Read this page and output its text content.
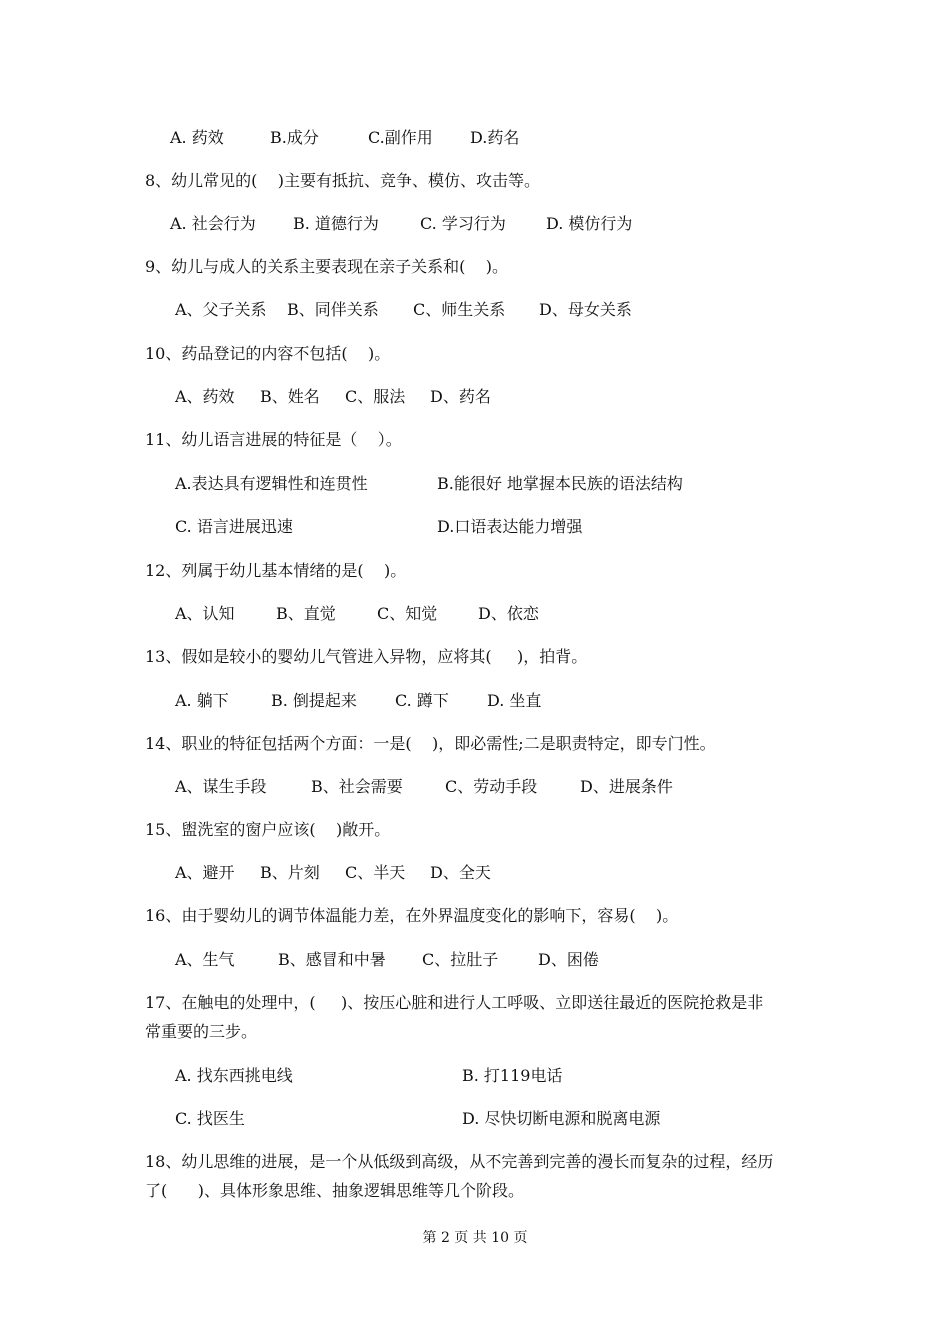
A. 药效	B.成分	C.副作用 D.药名
8、幼儿常见的(    )主要有抵抗、竞争、模仿、攻击等。
A. 社会行为 B. 道德行为	C. 学习行为	D. 模仿行为
9、幼儿与成人的关系主要表现在亲子关系和(    )。
A、父子关系 B、同伴关系 C、师生关系 D、母女关系
10、药品登记的内容不包括(    )。
A、药效 B、姓名 C、服法 D、药名
11、幼儿语言进展的特征是（    ）。
A.表达具有逻辑性和连贯性	B.能很好 地掌握本民族的语法结构
C. 语言进展迅速	D.口语表达能力增强
12、列属于幼儿基本情绪的是(    )。
A、认知	B、直觉	C、知觉	D、依恋
13、假如是较小的婴幼儿气管进入异物，应将其(     )，拍背。
A. 躺下	B. 倒提起来 C. 蹲下 D. 坐直
14、职业的特征包括两个方面：一是(    )，即必需性;二是职责特定，即专门性。
A、谋生手段	B、社会需要	C、劳动手段	D、进展条件
15、盥洗室的窗户应该(    )敞开。
A、避开 B、片刻 C、半天 D、全天
16、由于婴幼儿的调节体温能力差，在外界温度变化的影响下，容易(    )。
A、生气	B、感冒和中暑 C、拉肚子 D、困倦
17、在触电的处理中，(     )、按压心脏和进行人工呼吸、立即送往最近的医院抢救是非
常重要的三步。
A. 找东西挑电线	B. 打119电话
C. 找医生	D. 尽快切断电源和脱离电源
18、幼儿思维的进展，是一个从低级到高级，从不完善到完善的漫长而复杂的过程，经历
了(      )、具体形象思维、抽象逻辑思维等几个阶段。
第 2 页 共 10 页
